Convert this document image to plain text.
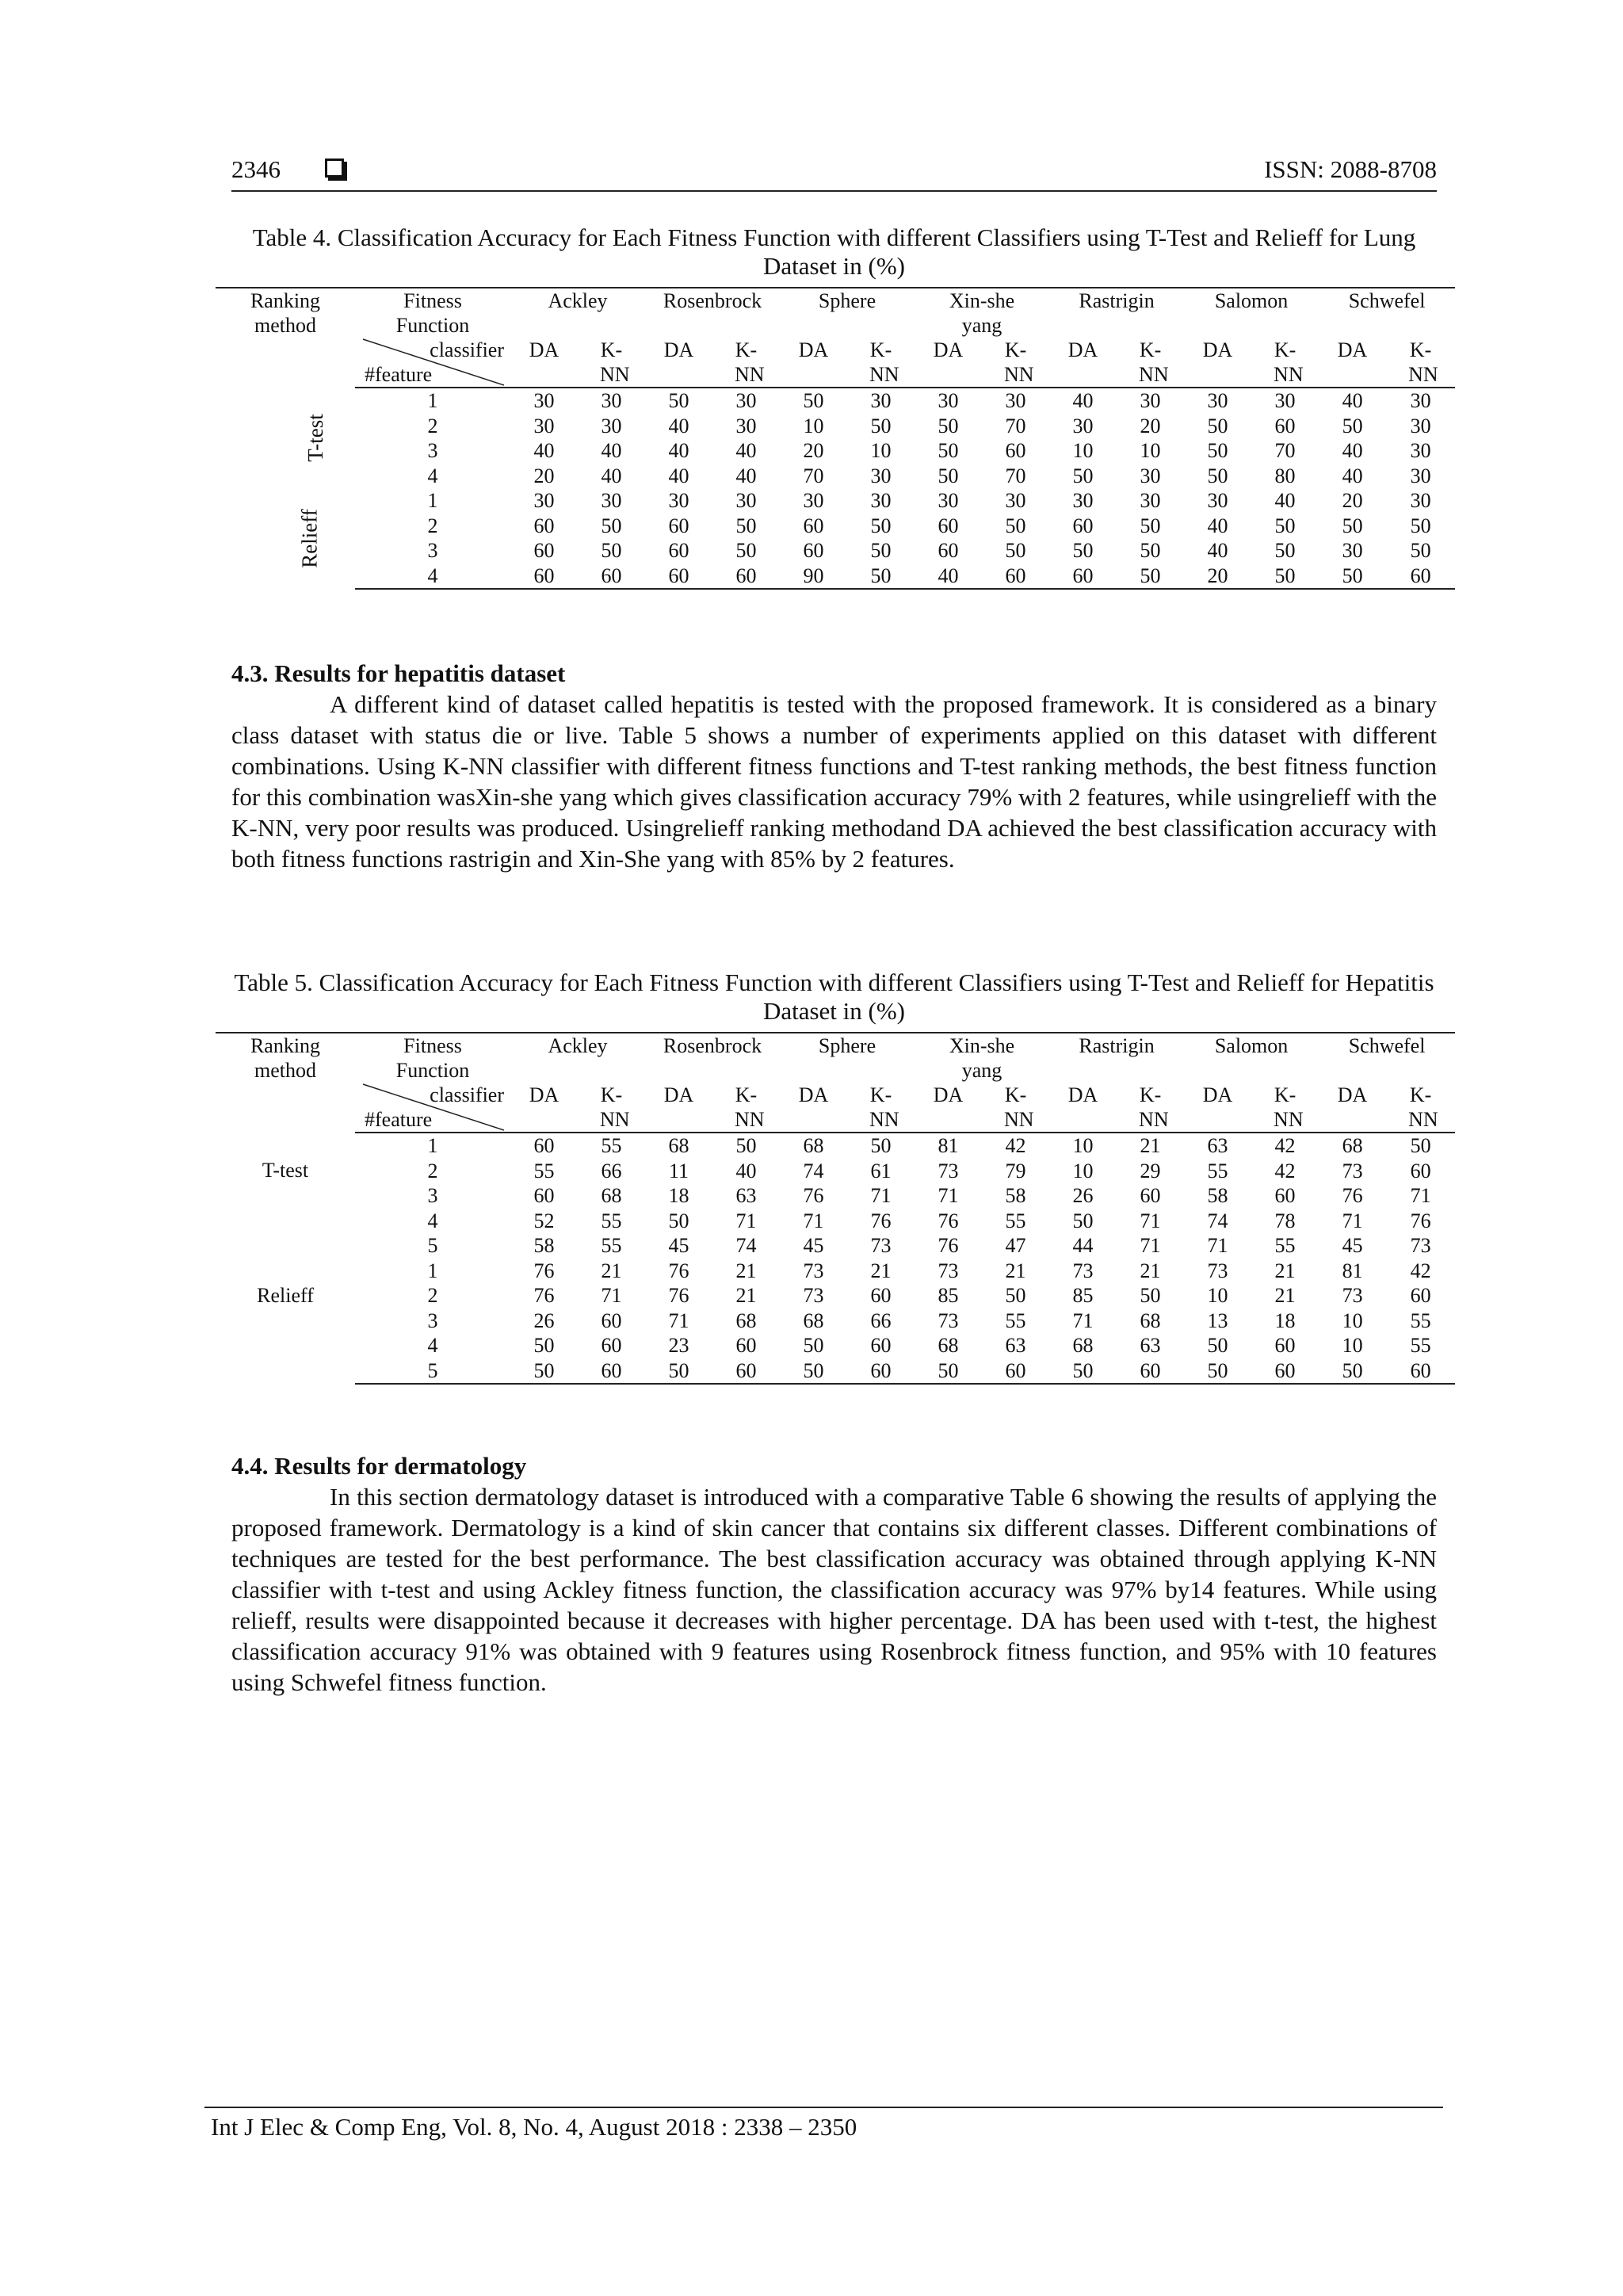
2346	ISSN: 2088-8708
Table 4. Classification Accuracy for Each Fitness Function with different Classifiers using T-Test and Relieff for Lung Dataset in (%)
Ranking method	Fitness Function	Ackley		Rosenbrock		Sphere		Xin-she yang		Rastrigin		Salomon		Schwefel	

	classifier
#feature	DA	K-NN	DA	K-NN	DA	K-NN	DA	K-NN	DA	K-NN	DA	K-NN	DA	K-NN
T-test	1	30	30	50	30	50	30	30	30	40	30	30	30	40	30
	2	30	30	40	30	10	50	50	70	30	20	50	60	50	30
	3	40	40	40	40	20	10	50	60	10	10	50	70	40	30
	4	20	40	40	40	70	30	50	70	50	30	50	80	40	30
Relieff	1	30	30	30	30	30	30	30	30	30	30	30	40	20	30
	2	60	50	60	50	60	50	60	50	60	50	40	50	50	50
	3	60	50	60	50	60	50	60	50	50	50	40	50	30	50
	4	60	60	60	60	90	50	40	60	60	50	20	50	50	60
4.3. Results for hepatitis dataset

A different kind of dataset called hepatitis is tested with the proposed framework. It is considered as a binary class dataset with status die or live. Table 5 shows a number of experiments applied on this dataset with different combinations. Using K-NN classifier with different fitness functions and T-test ranking methods, the best fitness function for this combination wasXin-she yang which gives classification accuracy 79% with 2 features, while usingrelieff with the K-NN, very poor results was produced. Usingrelieff ranking methodand DA achieved the best classification accuracy with both fitness functions rastrigin and Xin-She yang with 85% by 2 features.

Table 5. Classification Accuracy for Each Fitness Function with different Classifiers using T-Test and Relieff for Hepatitis Dataset in (%)
Ranking method	Fitness Function	Ackley		Rosenbrock		Sphere		Xin-she yang		Rastrigin		Salomon		Schwefel	

	classifier
#feature	DA	K-NN	DA	K-NN	DA	K-NN	DA	K-NN	DA	K-NN	DA	K-NN	DA	K-NN
T-test	1	60	55	68	50	68	50	81	42	10	21	63	42	68	50
	2	55	66	11	40	74	61	73	79	10	29	55	42	73	60
	3	60	68	18	63	76	71	71	58	26	60	58	60	76	71
	4	52	55	50	71	71	76	76	55	50	71	74	78	71	76
	5	58	55	45	74	45	73	76	47	44	71	71	55	45	73
Relieff	1	76	21	76	21	73	21	73	21	73	21	73	21	81	42
	2	76	71	76	21	73	60	85	50	85	50	10	21	73	60
	3	26	60	71	68	68	66	73	55	71	68	13	18	10	55
	4	50	60	23	60	50	60	68	63	68	63	50	60	10	55
	5	50	60	50	60	50	60	50	60	50	60	50	60	50	60
4.4. Results for dermatology

In this section dermatology dataset is introduced with a comparative Table 6 showing the results of applying the proposed framework. Dermatology is a kind of skin cancer that contains six different classes. Different combinations of techniques are tested for the best performance. The best classification accuracy was obtained through applying K-NN classifier with t-test and using Ackley fitness function, the classification accuracy was 97% by14 features. While using relieff, results were disappointed because it decreases with higher percentage. DA has been used with t-test, the highest classification accuracy 91% was obtained with 9 features using Rosenbrock fitness function, and 95% with 10 features using Schwefel fitness function.

Int J Elec & Comp Eng, Vol. 8, No. 4, August 2018 : 2338 – 2350
